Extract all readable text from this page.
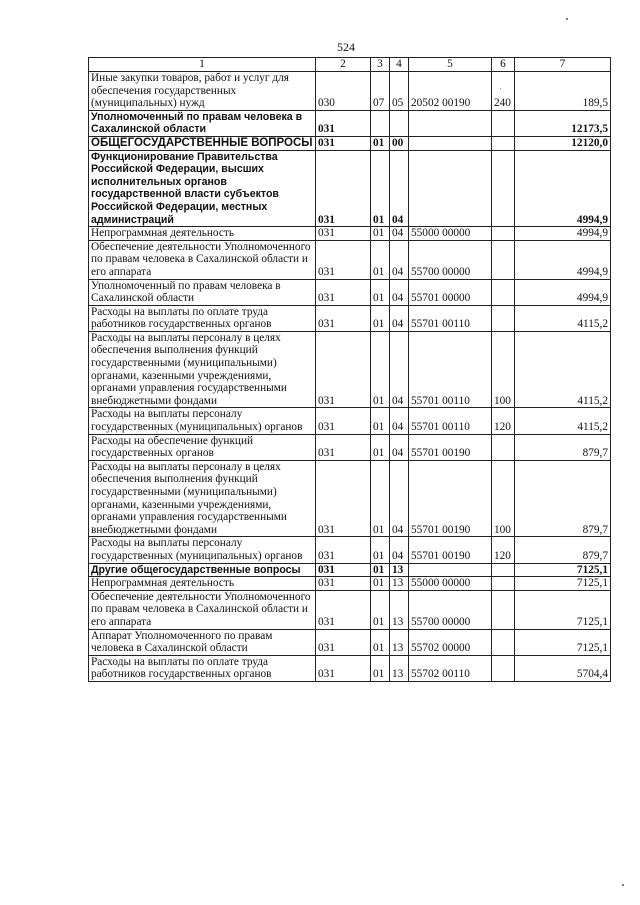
524
1	2	3	4	5	6	7
Иные закупки товаров, работ и услуг для обеспечения государственных (муниципальных) нужд	030	07	05	20502 00190	240	189,5
Уполномоченный по правам человека в Сахалинской области	031					12173,5
ОБЩЕГОСУДАРСТВЕННЫЕ ВОПРОСЫ	031	01	00			12120,0
Функционирование Правительства Российской Федерации, высших исполнительных органов государственной власти субъектов Российской Федерации, местных администраций	031	01	04			4994,9
Непрограммная деятельность	031	01	04	55000 00000		4994,9
Обеспечение деятельности Уполномоченного по правам человека в Сахалинской области и его аппарата	031	01	04	55700 00000		4994,9
Уполномоченный по правам человека в Сахалинской области	031	01	04	55701 00000		4994,9
Расходы на выплаты по оплате труда работников государственных органов	031	01	04	55701 00110		4115,2
Расходы на выплаты персоналу в целях обеспечения выполнения функций государственными (муниципальными) органами, казенными учреждениями, органами управления государственными внебюджетными фондами	031	01	04	55701 00110	100	4115,2
Расходы на выплаты персоналу государственных (муниципальных) органов	031	01	04	55701 00110	120	4115,2
Расходы на обеспечение функций государственных органов	031	01	04	55701 00190		879,7
Расходы на выплаты персоналу в целях обеспечения выполнения функций государственными (муниципальными) органами, казенными учреждениями, органами управления государственными внебюджетными фондами	031	01	04	55701 00190	100	879,7
Расходы на выплаты персоналу государственных (муниципальных) органов	031	01	04	55701 00190	120	879,7
Другие общегосударственные вопросы	031	01	13			7125,1
Непрограммная деятельность	031	01	13	55000 00000		7125,1
Обеспечение деятельности Уполномоченного по правам человека в Сахалинской области и его аппарата	031	01	13	55700 00000		7125,1
Аппарат Уполномоченного по правам человека в Сахалинской области	031	01	13	55702 00000		7125,1
Расходы на выплаты по оплате труда работников государственных органов	031	01	13	55702 00110		5704,4
